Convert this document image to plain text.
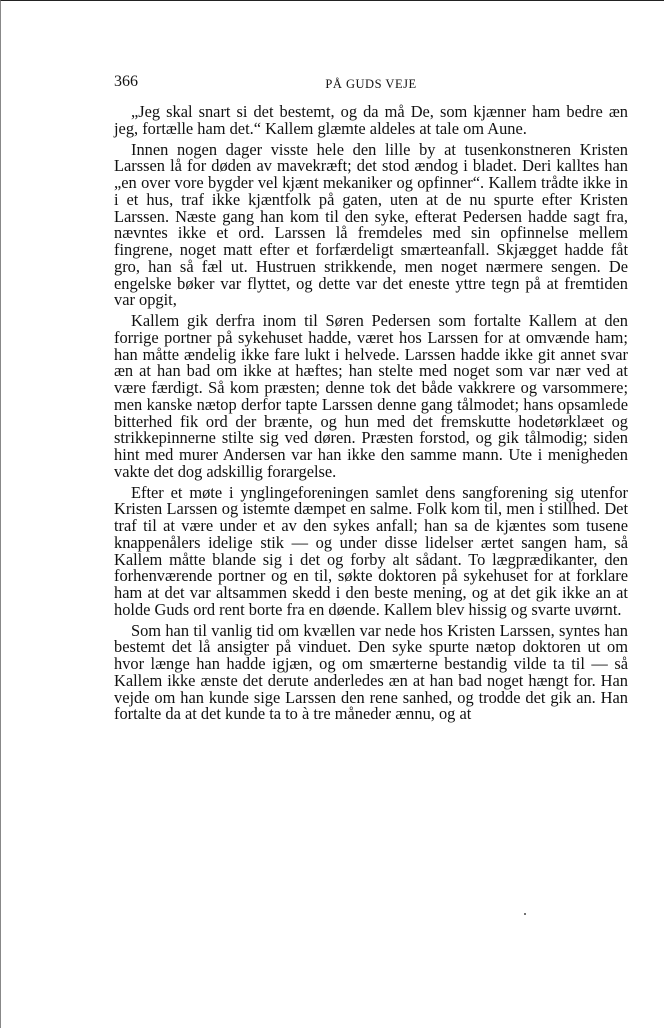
366	PÅ GUDS VEJE

„Jeg skal snart si det bestemt, og da må De, som kjænner ham bedre æn jeg, fortælle ham det.“ Kallem glæmte aldeles at tale om Aune.

Innen nogen dager visste hele den lille by at tusenkonstneren Kristen Larssen lå for døden av mavekræft; det stod ændog i bladet. Deri kalltes han „en over vore bygder vel kjænt mekaniker og opfinner“. Kallem trådte ikke in i et hus, traf ikke kjæntfolk på gaten, uten at de nu spurte efter Kristen Larssen. Næste gang han kom til den syke, efterat Pedersen hadde sagt fra, nævntes ikke et ord. Larssen lå fremdeles med sin opfinnelse mellem fingrene, noget matt efter et forfærdeligt smærteanfall. Skjægget hadde fåt gro, han så fæl ut. Hustruen strikkende, men noget nærmere sengen. De engelske bøker var flyttet, og dette var det eneste yttre tegn på at fremtiden var opgit,

Kallem gik derfra inom til Søren Pedersen som fortalte Kallem at den forrige portner på sykehuset hadde, været hos Larssen for at omvænde ham; han måtte ændelig ikke fare lukt i helvede. Larssen hadde ikke git annet svar æn at han bad om ikke at hæftes; han stelte med noget som var nær ved at være færdigt. Så kom præsten; denne tok det både vakkrere og varsommere; men kanske nætop derfor tapte Larssen denne gang tålmodet; hans opsamlede bitterhed fik ord der brænte, og hun med det fremskutte hodetørklæet og strikkepinnerne stilte sig ved døren. Præsten forstod, og gik tålmodig; siden hint med murer Andersen var han ikke den samme mann. Ute i menigheden vakte det dog adskillig forargelse.

Efter et møte i ynglingeforeningen samlet dens sangforening sig utenfor Kristen Larssen og istemte dæmpet en salme. Folk kom til, men i stillhed. Det traf til at være under et av den sykes anfall; han sa de kjæntes som tusene knappenålers idelige stik — og under disse lidelser ærtet sangen ham, så Kallem måtte blande sig i det og forby alt sådant. To lægprædikanter, den forhenværende portner og en til, søkte doktoren på sykehuset for at forklare ham at det var altsammen skedd i den beste mening, og at det gik ikke an at holde Guds ord rent borte fra en døende. Kallem blev hissig og svarte uvørnt.

Som han til vanlig tid om kvællen var nede hos Kristen Larssen, syntes han bestemt det lå ansigter på vinduet. Den syke spurte nætop doktoren ut om hvor længe han hadde igjæn, og om smærterne bestandig vilde ta til — så Kallem ikke ænste det derute anderledes æn at han bad noget hængt for. Han vejde om han kunde sige Larssen den rene sanhed, og trodde det gik an. Han fortalte da at det kunde ta to à tre måneder ænnu, og at
